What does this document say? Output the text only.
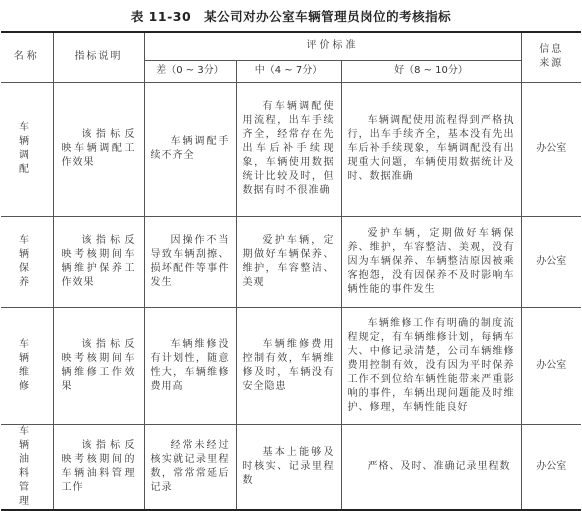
表 11-30　某公司对办公室车辆管理员岗位的考核指标
名称	指标说明	评价标准			信息来源
		差（0 ~ 3分）	中（4 ~ 7分）	好（8 ~ 10分）	
车辆调配	该指标反映车辆调配工作效果	车辆调配手续不齐全	有车辆调配使用流程，出车手续齐全，经常存在先出车后补手续现象，车辆使用数据统计比较及时，但数据有时不很准确	车辆调配使用流程得到严格执行，出车手续齐全，基本没有先出车后补手续现象，车辆调配没有出现重大问题，车辆使用数据统计及时、数据准确	办公室
车辆保养	该指标反映考核期间车辆维护保养工作效果	因操作不当导致车辆刮擦、损坏配件等事件发生	爱护车辆，定期做好车辆保养、维护，车容整洁、美观	爱护车辆，定期做好车辆保养、维护，车容整洁、美观，没有因为车辆保养、车辆整洁原因被乘客抱怨，没有因保养不及时影响车辆性能的事件发生	办公室
车辆维修	该指标反映考核期间车辆维修工作效果	车辆维修没有计划性，随意性大，车辆维修费用高	车辆维修费用控制有效，车辆维修及时，车辆没有安全隐患	车辆维修工作有明确的制度流程规定，有车辆维修计划，每辆车大、中修记录清楚，公司车辆维修费用控制有效，没有因为平时保养工作不到位给车辆性能带来严重影响的事件，车辆出现问题能及时维护、修理，车辆性能良好	办公室
车辆油料管理	该指标反映考核期间的车辆油料管理工作	经常未经过核实就记录里程数，常常常延后记录	基本上能够及时核实、记录里程数	严格、及时、准确记录里程数	办公室
